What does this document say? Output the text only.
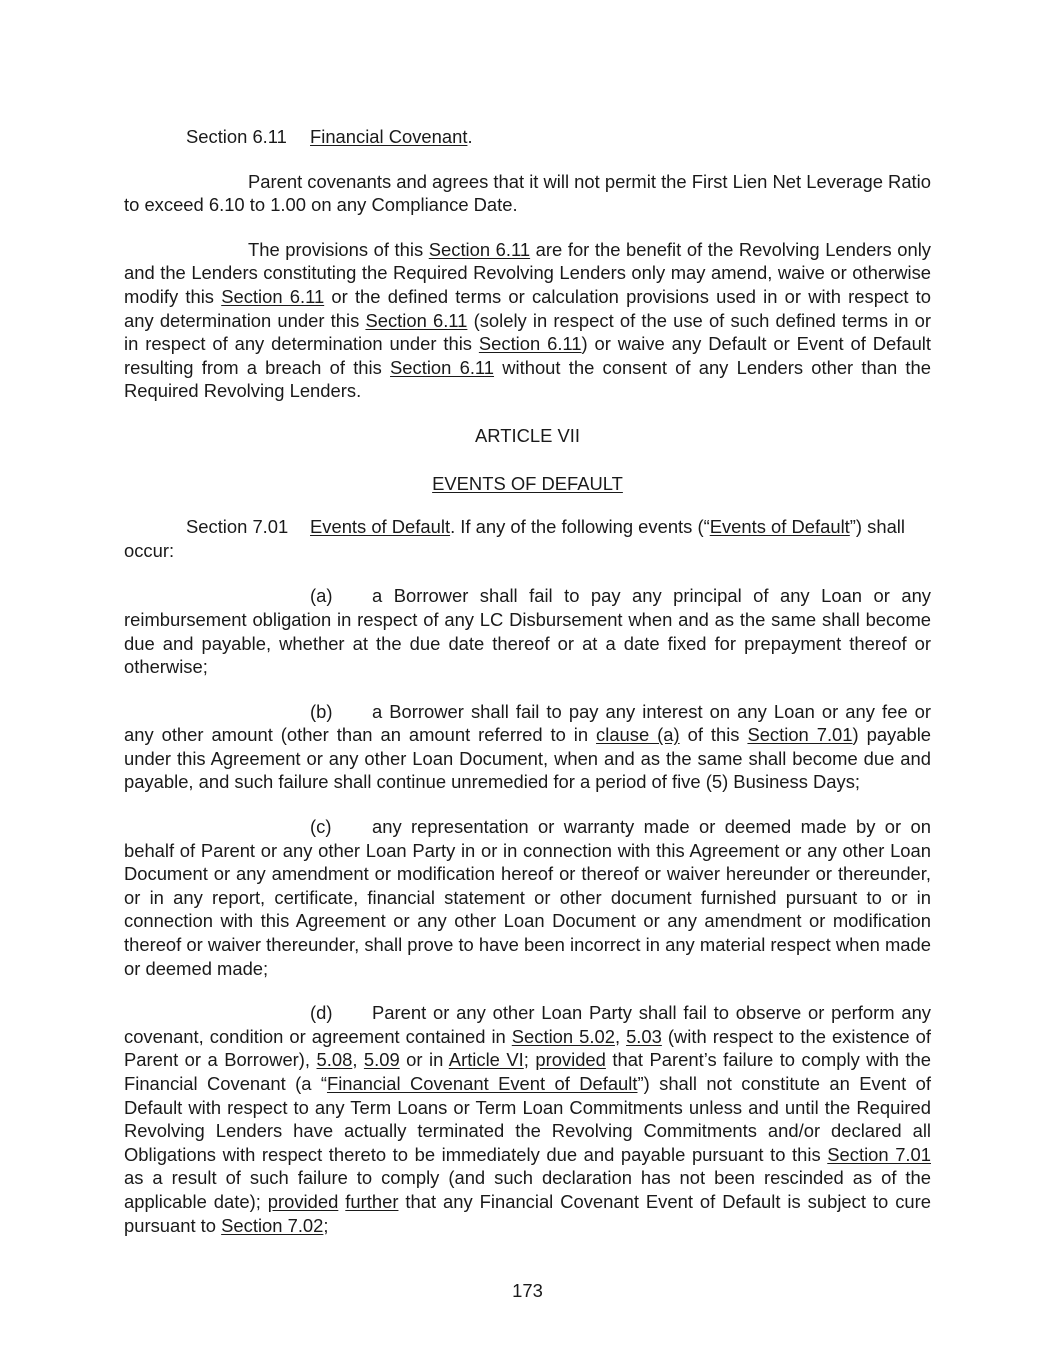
Section 6.11 Financial Covenant.

Parent covenants and agrees that it will not permit the First Lien Net Leverage Ratio to exceed 6.10 to 1.00 on any Compliance Date.

The provisions of this Section 6.11 are for the benefit of the Revolving Lenders only and the Lenders constituting the Required Revolving Lenders only may amend, waive or otherwise modify this Section 6.11 or the defined terms or calculation provisions used in or with respect to any determination under this Section 6.11 (solely in respect of the use of such defined terms in or in respect of any determination under this Section 6.11) or waive any Default or Event of Default resulting from a breach of this Section 6.11 without the consent of any Lenders other than the Required Revolving Lenders.

ARTICLE VII

EVENTS OF DEFAULT

Section 7.01 Events of Default. If any of the following events (“Events of Default”) shall

occur:

(a) a Borrower shall fail to pay any principal of any Loan or any reimbursement obligation in respect of any LC Disbursement when and as the same shall become due and payable, whether at the due date thereof or at a date fixed for prepayment thereof or otherwise;

(b) a Borrower shall fail to pay any interest on any Loan or any fee or any other amount (other than an amount referred to in clause (a) of this Section 7.01) payable under this Agreement or any other Loan Document, when and as the same shall become due and payable, and such failure shall continue unremedied for a period of five (5) Business Days;

(c) any representation or warranty made or deemed made by or on behalf of Parent or any other Loan Party in or in connection with this Agreement or any other Loan Document or any amendment or modification hereof or thereof or waiver hereunder or thereunder, or in any report, certificate, financial statement or other document furnished pursuant to or in connection with this Agreement or any other Loan Document or any amendment or modification thereof or waiver thereunder, shall prove to have been incorrect in any material respect when made or deemed made;

(d) Parent or any other Loan Party shall fail to observe or perform any covenant, condition or agreement contained in Section 5.02, 5.03 (with respect to the existence of Parent or a Borrower), 5.08, 5.09 or in Article VI; provided that Parent’s failure to comply with the Financial Covenant (a “Financial Covenant Event of Default”) shall not constitute an Event of Default with respect to any Term Loans or Term Loan Commitments unless and until the Required Revolving Lenders have actually terminated the Revolving Commitments and/or declared all Obligations with respect thereto to be immediately due and payable pursuant to this Section 7.01 as a result of such failure to comply (and such declaration has not been rescinded as of the applicable date); provided further that any Financial Covenant Event of Default is subject to cure pursuant to Section 7.02;

173
